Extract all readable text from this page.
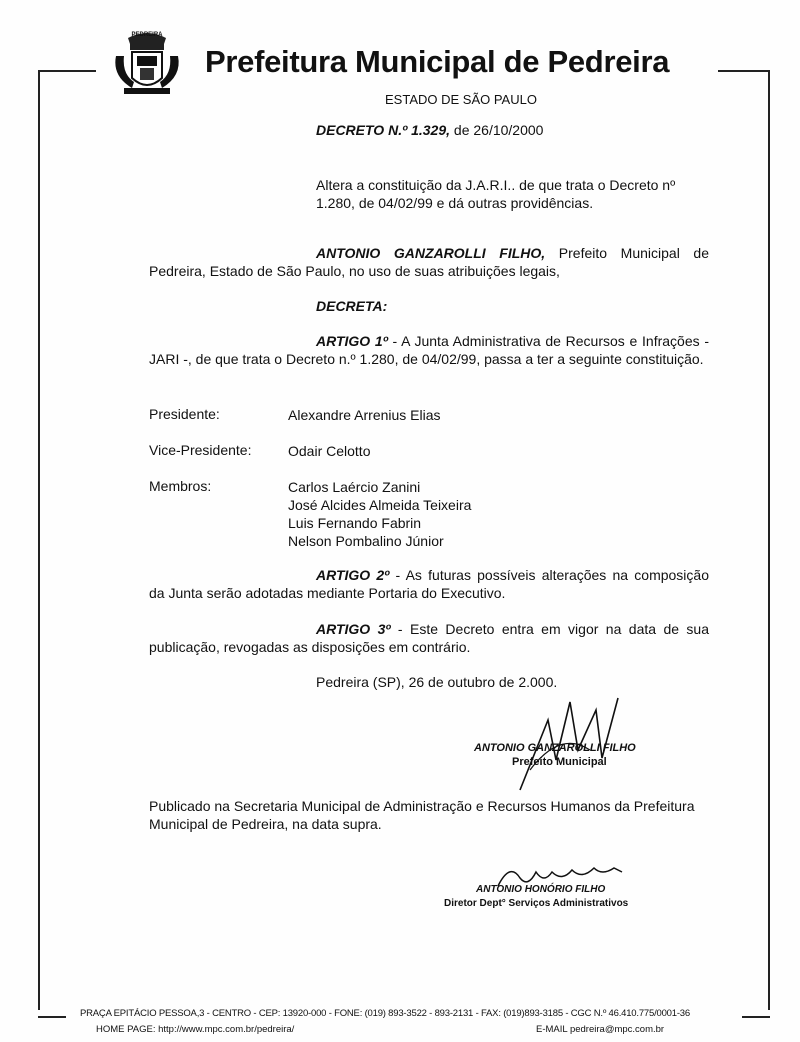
PEDREIRA
Prefeitura Municipal de Pedreira
ESTADO DE SÃO PAULO
DECRETO N.º 1.329, de 26/10/2000
Altera a constituição da J.A.R.I.. de que trata o Decreto nº 1.280, de 04/02/99 e dá outras providências.
ANTONIO GANZAROLLI FILHO, Prefeito Municipal de Pedreira, Estado de São Paulo, no uso de suas atribuições legais,
DECRETA:
ARTIGO 1º - A Junta Administrativa de Recursos e Infrações - JARI -, de que trata o Decreto n.º 1.280, de 04/02/99, passa a ter a seguinte constituição.
Presidente:	Alexandre Arrenius Elias
Vice-Presidente:	Odair Celotto
Membros:	Carlos Laércio Zanini
José Alcides Almeida Teixeira
Luis Fernando Fabrin
Nelson Pombalino Júnior
ARTIGO 2º - As futuras possíveis alterações na composição da Junta serão adotadas mediante Portaria do Executivo.
ARTIGO 3º - Este Decreto entra em vigor na data de sua publicação, revogadas as disposições em contrário.
Pedreira (SP), 26 de outubro de 2.000.
ANTONIO GANZAROLLI FILHO
Prefeito Municipal
Publicado na Secretaria Municipal de Administração e Recursos Humanos da Prefeitura Municipal de Pedreira, na data supra.
ANTONIO HONÓRIO FILHO
Diretor Dept° Serviços Administrativos
PRAÇA EPITÁCIO PESSOA,3 - CENTRO - CEP: 13920-000 - FONE: (019) 893-3522 - 893-2131 - FAX: (019)893-3185 - CGC N.º 46.410.775/0001-36
HOME PAGE: http://www.mpc.com.br/pedreira/	E-MAIL pedreira@mpc.com.br
